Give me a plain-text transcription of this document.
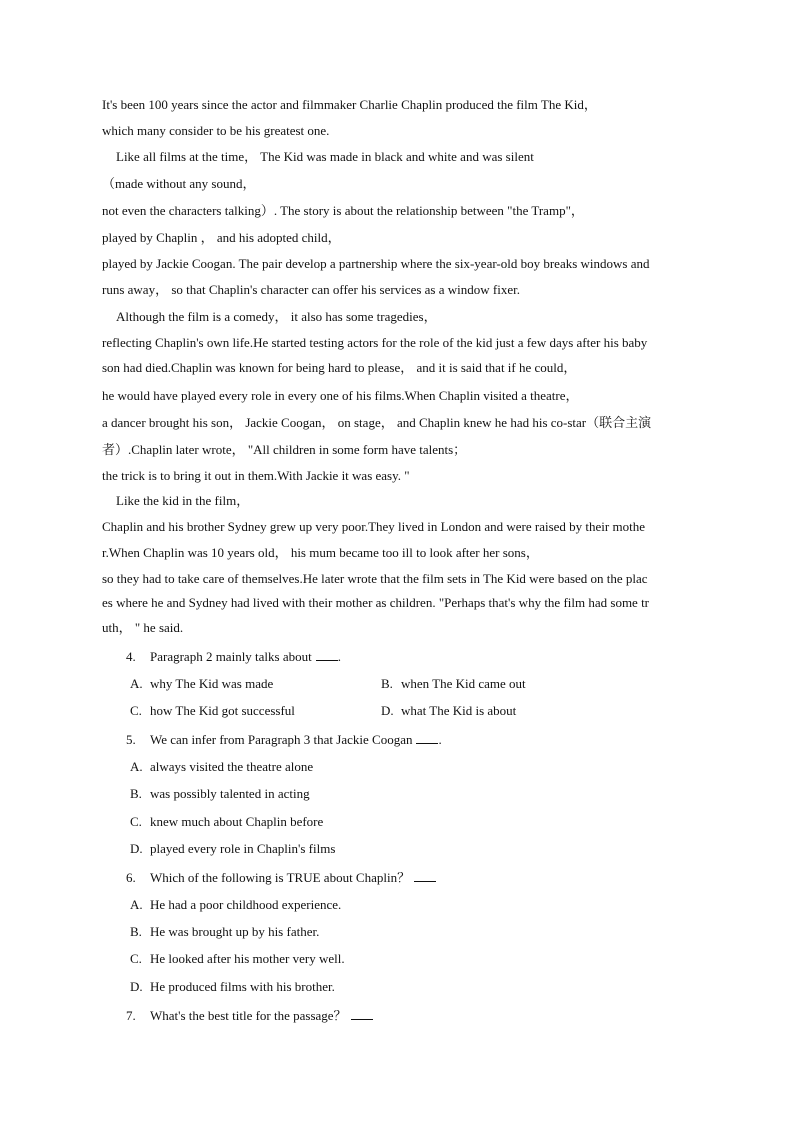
It's been 100 years since the actor and filmmaker Charlie Chaplin produced the film The Kid，
which many consider to be his greatest one.
Like all films at the time， The Kid was made in black and white and was silent
（made without any sound，
not even the characters talking）. The story is about the relationship between "the Tramp"，
played by Chaplin ， and his adopted child，
played by Jackie Coogan. The pair develop a partnership where the six-year-old boy breaks windows and
runs away， so that Chaplin's character can offer his services as a window fixer.
Although the film is a comedy， it also has some tragedies，
reflecting Chaplin's own life.He started testing actors for the role of the kid just a few days after his baby
son had died.Chaplin was known for being hard to please， and it is said that if he could，
he would have played every role in every one of his films.When Chaplin visited a theatre，
a dancer brought his son， Jackie Coogan， on stage， and Chaplin knew he had his co-star（联合主演
者）.Chaplin later wrote， "All children in some form have talents；
the trick is to bring it out in them.With Jackie it was easy. "
Like the kid in the film，
Chaplin and his brother Sydney grew up very poor.They lived in London and were raised by their mothe
r.When Chaplin was 10 years old， his mum became too ill to look after her sons，
so they had to take care of themselves.He later wrote that the film sets in The Kid were based on the plac
es where he and Sydney had lived with their mother as children. "Perhaps that's why the film had some tr
uth， " he said.
4. Paragraph 2 mainly talks about .
A. why The Kid was made	B. when The Kid came out
C. how The Kid got successful	D. what The Kid is about
5. We can infer from Paragraph 3 that Jackie Coogan .
A. always visited the theatre alone
B. was possibly talented in acting
C. knew much about Chaplin before
D. played every role in Chaplin's films
6. Which of the following is TRUE about Chaplin？
A. He had a poor childhood experience.
B. He was brought up by his father.
C. He looked after his mother very well.
D. He produced films with his brother.
7. What's the best title for the passage？
